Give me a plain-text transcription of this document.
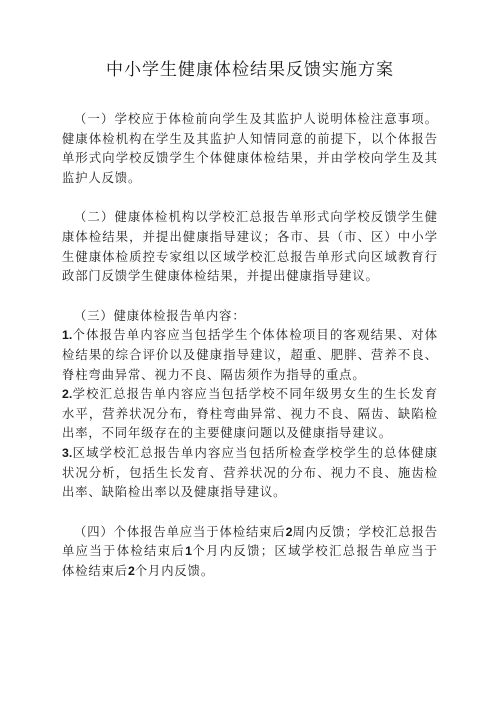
中小学生健康体检结果反馈实施方案

（一）学校应于体检前向学生及其监护人说明体检注意事项。健康体检机构在学生及其监护人知情同意的前提下，以个体报告单形式向学校反馈学生个体健康体检结果，并由学校向学生及其监护人反馈。

（二）健康体检机构以学校汇总报告单形式向学校反馈学生健康体检结果，并提出健康指导建议；各市、县（市、区）中小学生健康体检质控专家组以区域学校汇总报告单形式向区域教育行政部门反馈学生健康体检结果，并提出健康指导建议。

（三）健康体检报告单内容：

1.个体报告单内容应当包括学生个体体检项目的客观结果、对体检结果的综合评价以及健康指导建议，超重、肥胖、营养不良、脊柱弯曲异常、视力不良、隔齿须作为指导的重点。

2.学校汇总报告单内容应当包括学校不同年级男女生的生长发育水平，营养状况分布，脊柱弯曲异常、视力不良、隔齿、缺陷检出率，不同年级存在的主要健康问题以及健康指导建议。

3.区域学校汇总报告单内容应当包括所检查学校学生的总体健康状况分析，包括生长发育、营养状况的分布、视力不良、施齿检出率、缺陷检出率以及健康指导建议。

（四）个体报告单应当于体检结束后2周内反馈；学校汇总报告单应当于体检结束后1个月内反馈；区域学校汇总报告单应当于体检结束后2个月内反馈。
